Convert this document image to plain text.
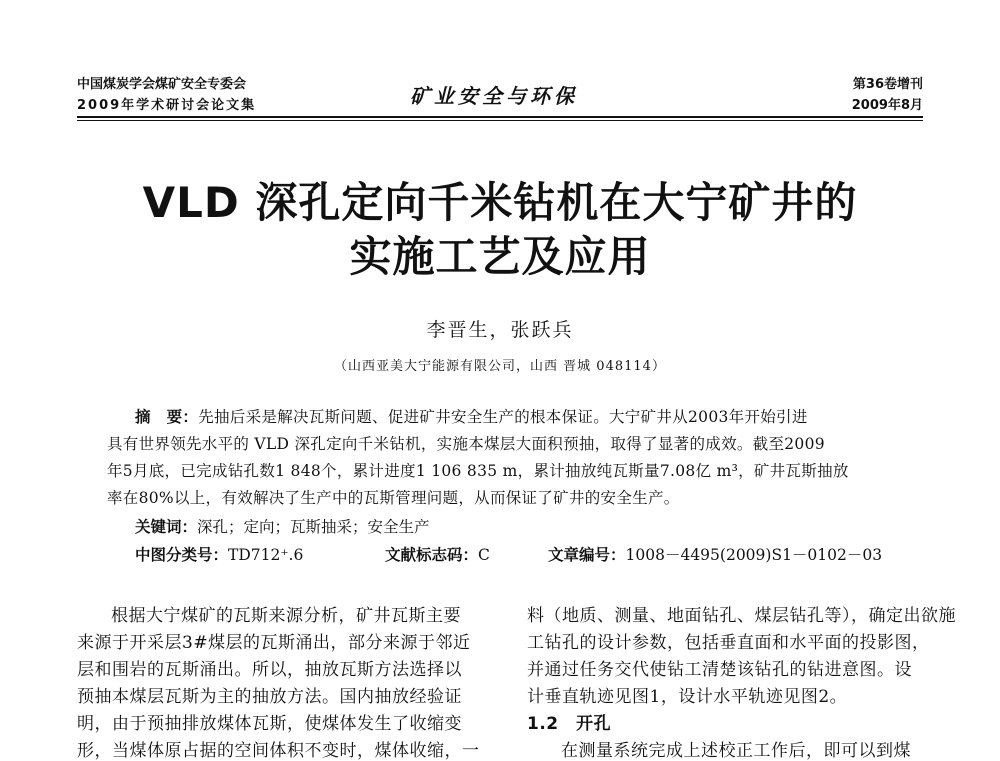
中国煤炭学会煤矿安全专委会
2009年学术研讨会论文集	矿业安全与环保	第36卷增刊
2009年8月
VLD 深孔定向千米钻机在大宁矿井的
实施工艺及应用
李晋生，张跃兵
（山西亚美大宁能源有限公司，山西 晋城 048114）
摘　要：先抽后采是解决瓦斯问题、促进矿井安全生产的根本保证。大宁矿井从2003年开始引进
具有世界领先水平的 VLD 深孔定向千米钻机，实施本煤层大面积预抽，取得了显著的成效。截至2009
年5月底，已完成钻孔数1 848个，累计进度1 106 835 m，累计抽放纯瓦斯量7.08亿 m³，矿井瓦斯抽放
率在80%以上，有效解决了生产中的瓦斯管理问题，从而保证了矿井的安全生产。
关键词：深孔；定向；瓦斯抽采；安全生产
中图分类号：TD712⁺.6	文献标志码：C	文章编号：1008－4495(2009)S1－0102－03
根据大宁煤矿的瓦斯来源分析，矿井瓦斯主要
来源于开采层3#煤层的瓦斯涌出，部分来源于邻近
层和围岩的瓦斯涌出。所以，抽放瓦斯方法选择以
预抽本煤层瓦斯为主的抽放方法。国内抽放经验证
明，由于预抽排放煤体瓦斯，使煤体发生了收缩变
形，当煤体原占据的空间体积不变时，煤体收缩，一
料（地质、测量、地面钻孔、煤层钻孔等），确定出欲施
工钻孔的设计参数，包括垂直面和水平面的投影图，
并通过任务交代使钻工清楚该钻孔的钻进意图。设
计垂直轨迹见图1，设计水平轨迹见图2。
1.2　开孔
在测量系统完成上述校正工作后，即可以到煤
